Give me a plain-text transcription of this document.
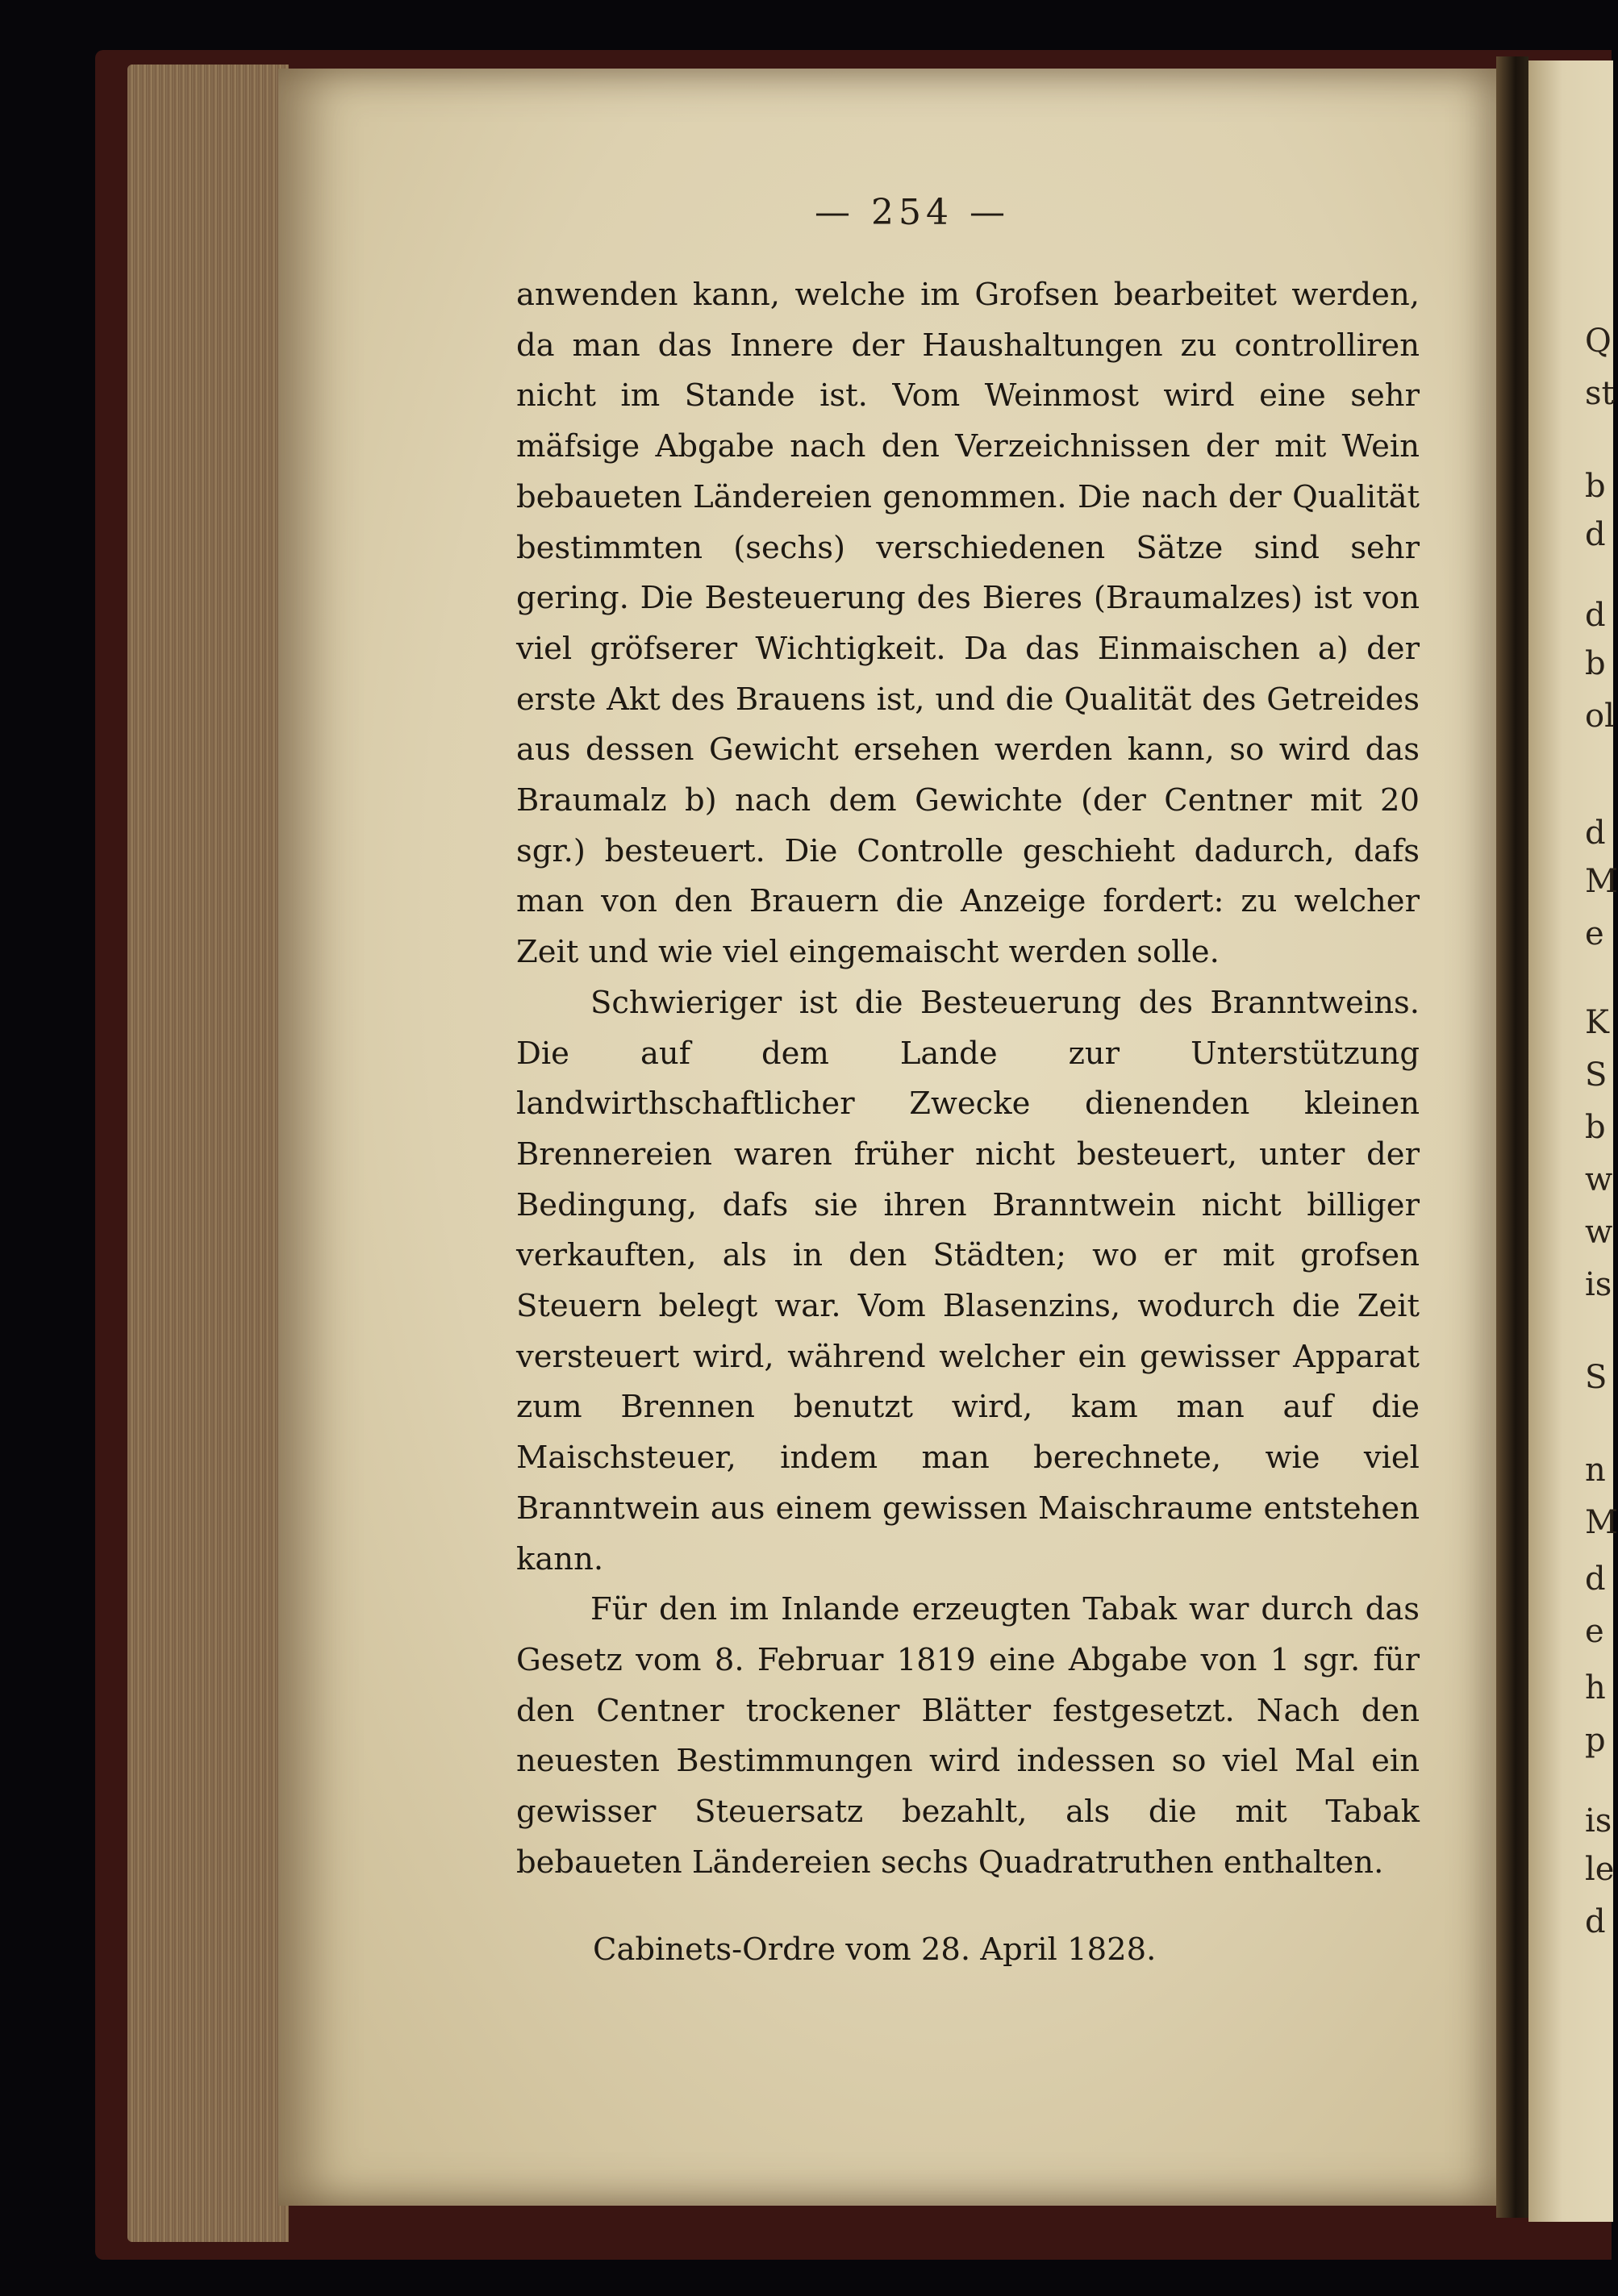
Q
st
b
d
d
b
ol
d
M
e
K
S
b
w
w
is
S
n
M
d
e
h
p
is
le
d
— 254 —

anwenden kann, welche im Grofsen bearbeitet werden, da man das Innere der Haushaltungen zu controlliren nicht im Stande ist. Vom Weinmost wird eine sehr mäfsige Abgabe nach den Verzeichnissen der mit Wein bebaueten Ländereien genommen. Die nach der Qualität bestimmten (sechs) verschiedenen Sätze sind sehr gering. Die Besteuerung des Bieres (Braumalzes) ist von viel gröfserer Wichtigkeit. Da das Einmaischen a) der erste Akt des Brauens ist, und die Qualität des Getreides aus dessen Gewicht ersehen werden kann, so wird das Braumalz b) nach dem Gewichte (der Centner mit 20 sgr.) besteuert. Die Controlle geschieht dadurch, dafs man von den Brauern die Anzeige fordert: zu welcher Zeit und wie viel eingemaischt werden solle.

Schwieriger ist die Besteuerung des Branntweins. Die auf dem Lande zur Unterstützung landwirthschaftlicher Zwecke dienenden kleinen Brennereien waren früher nicht besteuert, unter der Bedingung, dafs sie ihren Branntwein nicht billiger verkauften, als in den Städten; wo er mit grofsen Steuern belegt war. Vom Blasenzins, wodurch die Zeit versteuert wird, während welcher ein gewisser Apparat zum Brennen benutzt wird, kam man auf die Maischsteuer, indem man berechnete, wie viel Branntwein aus einem gewissen Maischraume entstehen kann.

Für den im Inlande erzeugten Tabak war durch das Gesetz vom 8. Februar 1819 eine Abgabe von 1 sgr. für den Centner trockener Blätter festgesetzt. Nach den neuesten Bestimmungen wird indessen so viel Mal ein gewisser Steuersatz bezahlt, als die mit Tabak bebaueten Ländereien sechs Quadratruthen enthalten.

Cabinets-Ordre vom 28. April 1828.
